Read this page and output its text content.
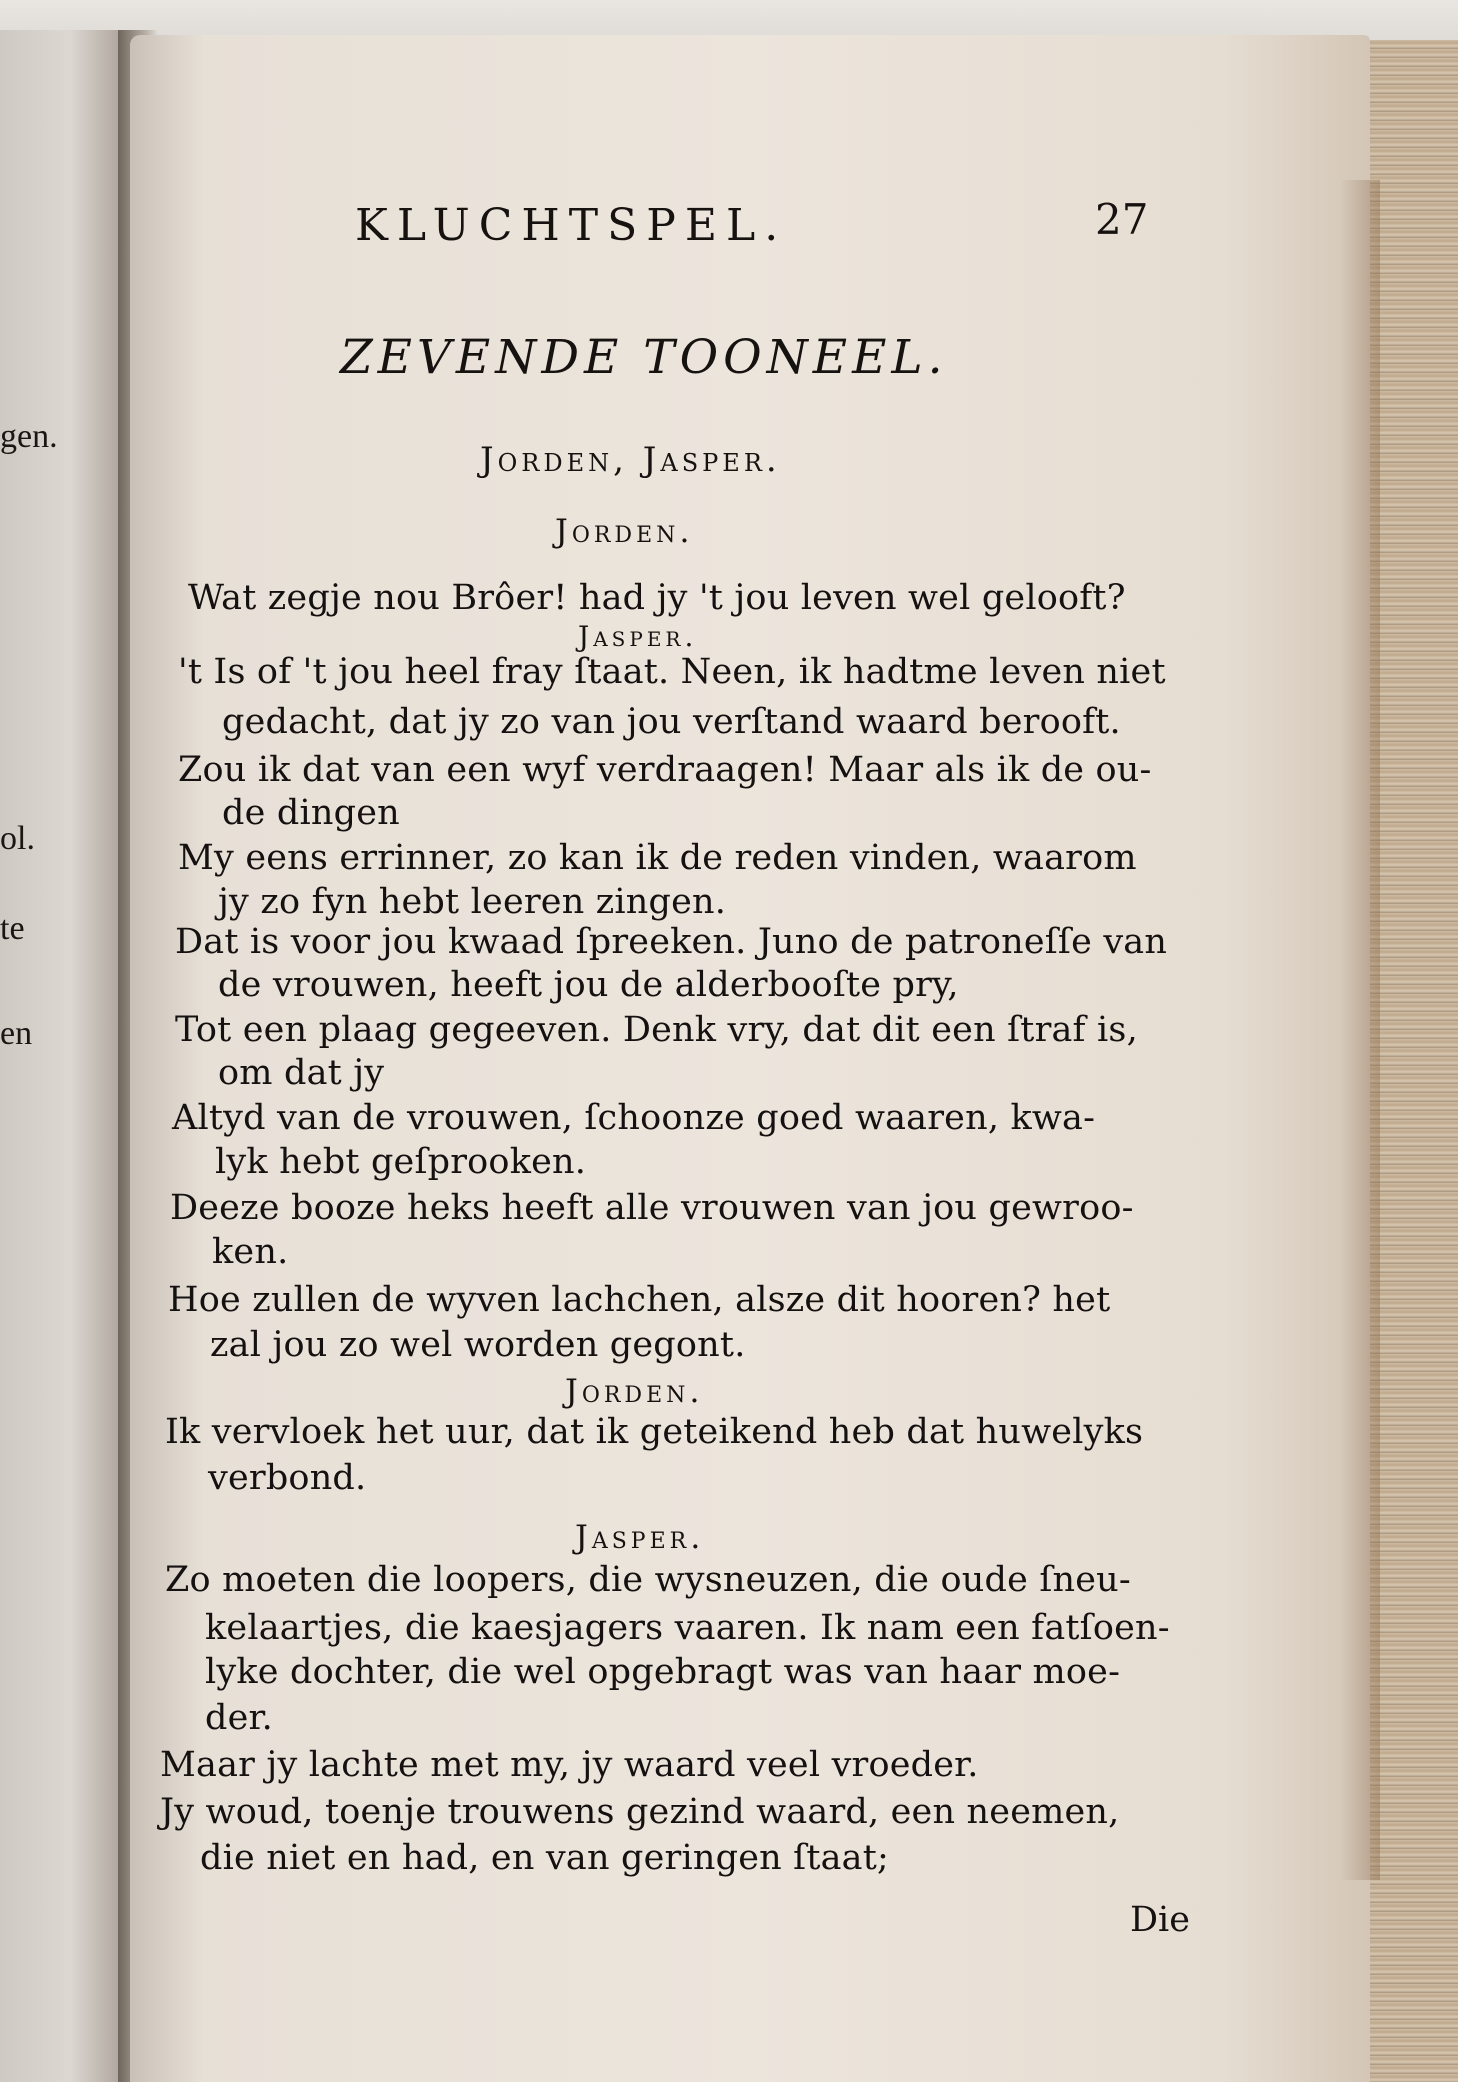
gen.
ol.
te
en
KLUCHTSPEL.	27
ZEVENDE TOONEEL.
Jorden, Jasper.
Jorden.
Wat zegje nou Brôer! had jy 't jou leven wel gelooft?
Jasper.
't Is of 't jou heel fray ſtaat. Neen, ik hadtme leven niet
gedacht, dat jy zo van jou verſtand waard berooft.
Zou ik dat van een wyf verdraagen! Maar als ik de ou-
de dingen
My eens errinner, zo kan ik de reden vinden, waarom
jy zo fyn hebt leeren zingen.
Dat is voor jou kwaad ſpreeken. Juno de patroneſſe van
de vrouwen, heeft jou de alderbooſte pry,
Tot een plaag gegeeven. Denk vry, dat dit een ſtraf is,
om dat jy
Altyd van de vrouwen, ſchoonze goed waaren, kwa-
lyk hebt geſprooken.
Deeze booze heks heeft alle vrouwen van jou gewroo-
ken.
Hoe zullen de wyven lachchen, alsze dit hooren? het
zal jou zo wel worden gegont.
Jorden.
Ik vervloek het uur, dat ik geteikend heb dat huwelyks
verbond.
Jasper.
Zo moeten die loopers, die wysneuzen, die oude ſneu-
kelaartjes, die kaesjagers vaaren. Ik nam een fatſoen-
lyke dochter, die wel opgebragt was van haar moe-
der.
Maar jy lachte met my, jy waard veel vroeder.
Jy woud, toenje trouwens gezind waard, een neemen,
die niet en had, en van geringen ſtaat;
Die
